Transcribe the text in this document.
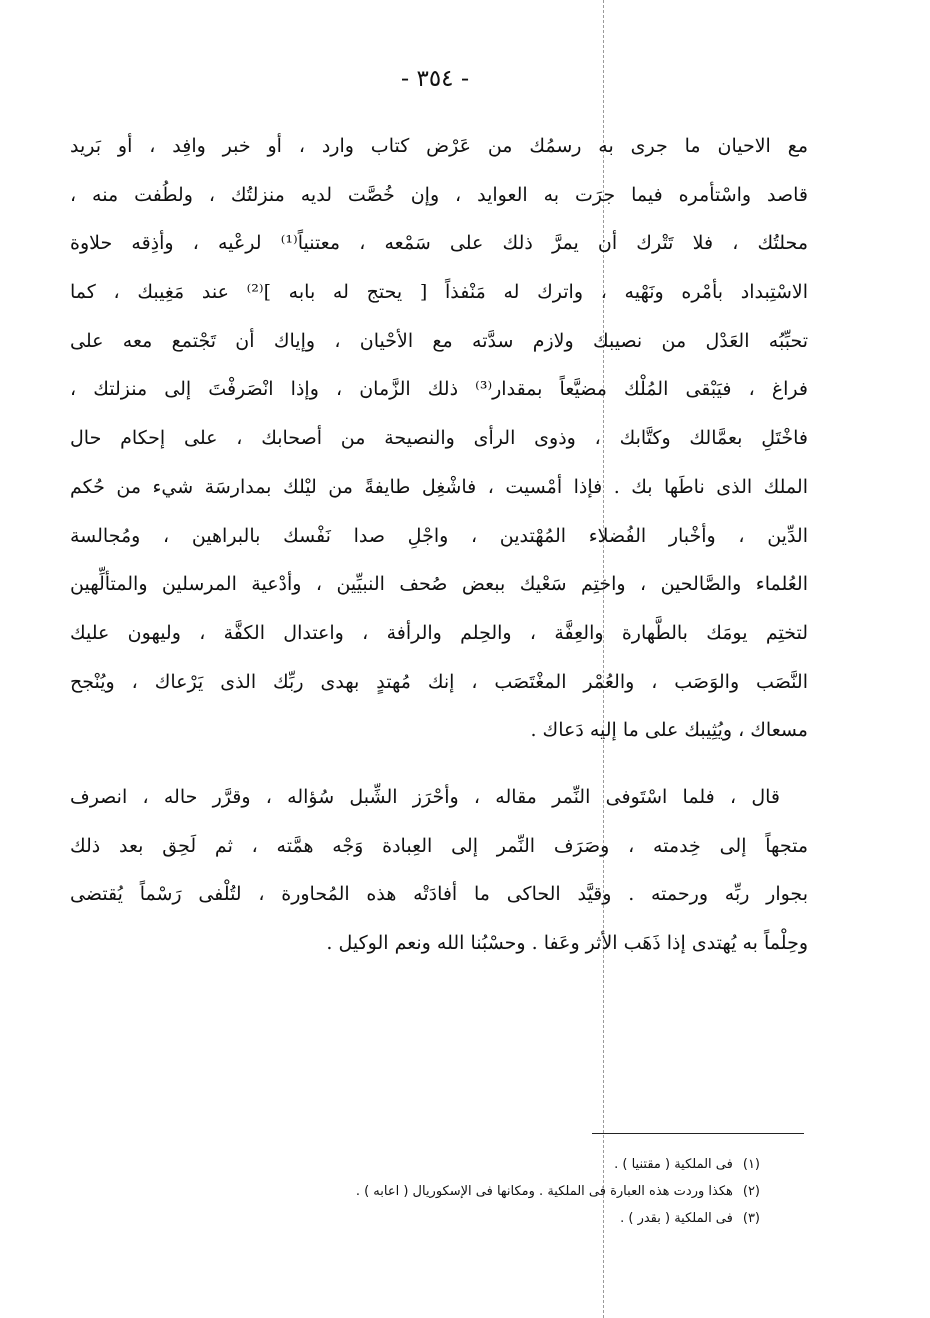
- ٣٥٤ -
مع الاحيان ما جرى به رسمُك من عَرْض كتاب وارد ، أو خبر وافِد ، أو بَريد
قاصد واسْتأمره فيما جرَت به العوايد ، وإن خُصَّت لديه منزلتُك ، ولطُفت منه ،
محلتُك ، فلا تَتْرك أن يمرَّ ذلك على سَمْعه ، معتنياً⁽¹⁾ لرعْيه ، وأذِقه حلاوة
الاسْتِبداد بأمْره ونَهْيه ، واترك له مَنْفذاً [ يحتج له بابه ]⁽²⁾ عند مَغِيبك ، كما
تحبِّبُه العَدْل من نصيبك ولازم سدَّته مع الأحْيان ، وإياك أن تَجْتمع معه على
فراغ ، فيَبْقى المُلْك مضيَّعاً بمقدار⁽³⁾ ذلك الزَّمان ، وإذا انْصَرفْتَ إلى منزلتك ،
فاخْتَلِ بعمَّالك وكتَّابك ، وذوى الرأى والنصيحة من أصحابك ، على إحكام حال
الملك الذى ناطَها بك . فإذا أمْسيت ، فاشْغِل طايفةً من ليْلك بمدارسَة شيء من حُكم
الدِّين ، وأخْبار الفُضلاء المُهْتدين ، واجْلِ صدا نَفْسك بالبراهين ، ومُجالسة
العُلماء والصَّالحين ، واختِم سَعْيك ببعض صُحف النبيِّين ، وأدْعية المرسلين والمتألِّهين
لتختِم يومَك بالطَّهارة والعِفَّة ، والحِلم والرأفة ، واعتدال الكفَّة ، وليهون عليك
النَّصَب والوَصَب ، والعُمْر المغْتَصَب ، إنك مُهتدٍ بهدى ربِّك الذى يَرْعاك ، ويُنْجح
مسعاك ، ويُثِيبك على ما إليه دَعاك .
قال ، فلما اسْتَوفى النِّمر مقاله ، وأحْرَز الشِّبل سُؤاله ، وقرَّر حاله ، انصرف
متجهاً إلى خِدمته ، وصَرَف النِّمر إلى العِبادة وَجْه همَّته ، ثم لَحِق بعد ذلك
بجوار ربِّه ورحمته . وقيَّد الحاكى ما أفادَتْه هذه المُحاورة ، لتُلْفى رَسْماً يُقتضى
وحِلْماً به يُهتدى إذا ذَهَب الأثر وعَفا . وحسْبُنا الله ونعم الوكيل .
(١)فى الملكية ( مقتنيا ) .
(٢)هكذا وردت هذه العبارة فى الملكية . ومكانها فى الإسكوريال ( اعابه ) .
(٣)فى الملكية ( بقدر ) .
